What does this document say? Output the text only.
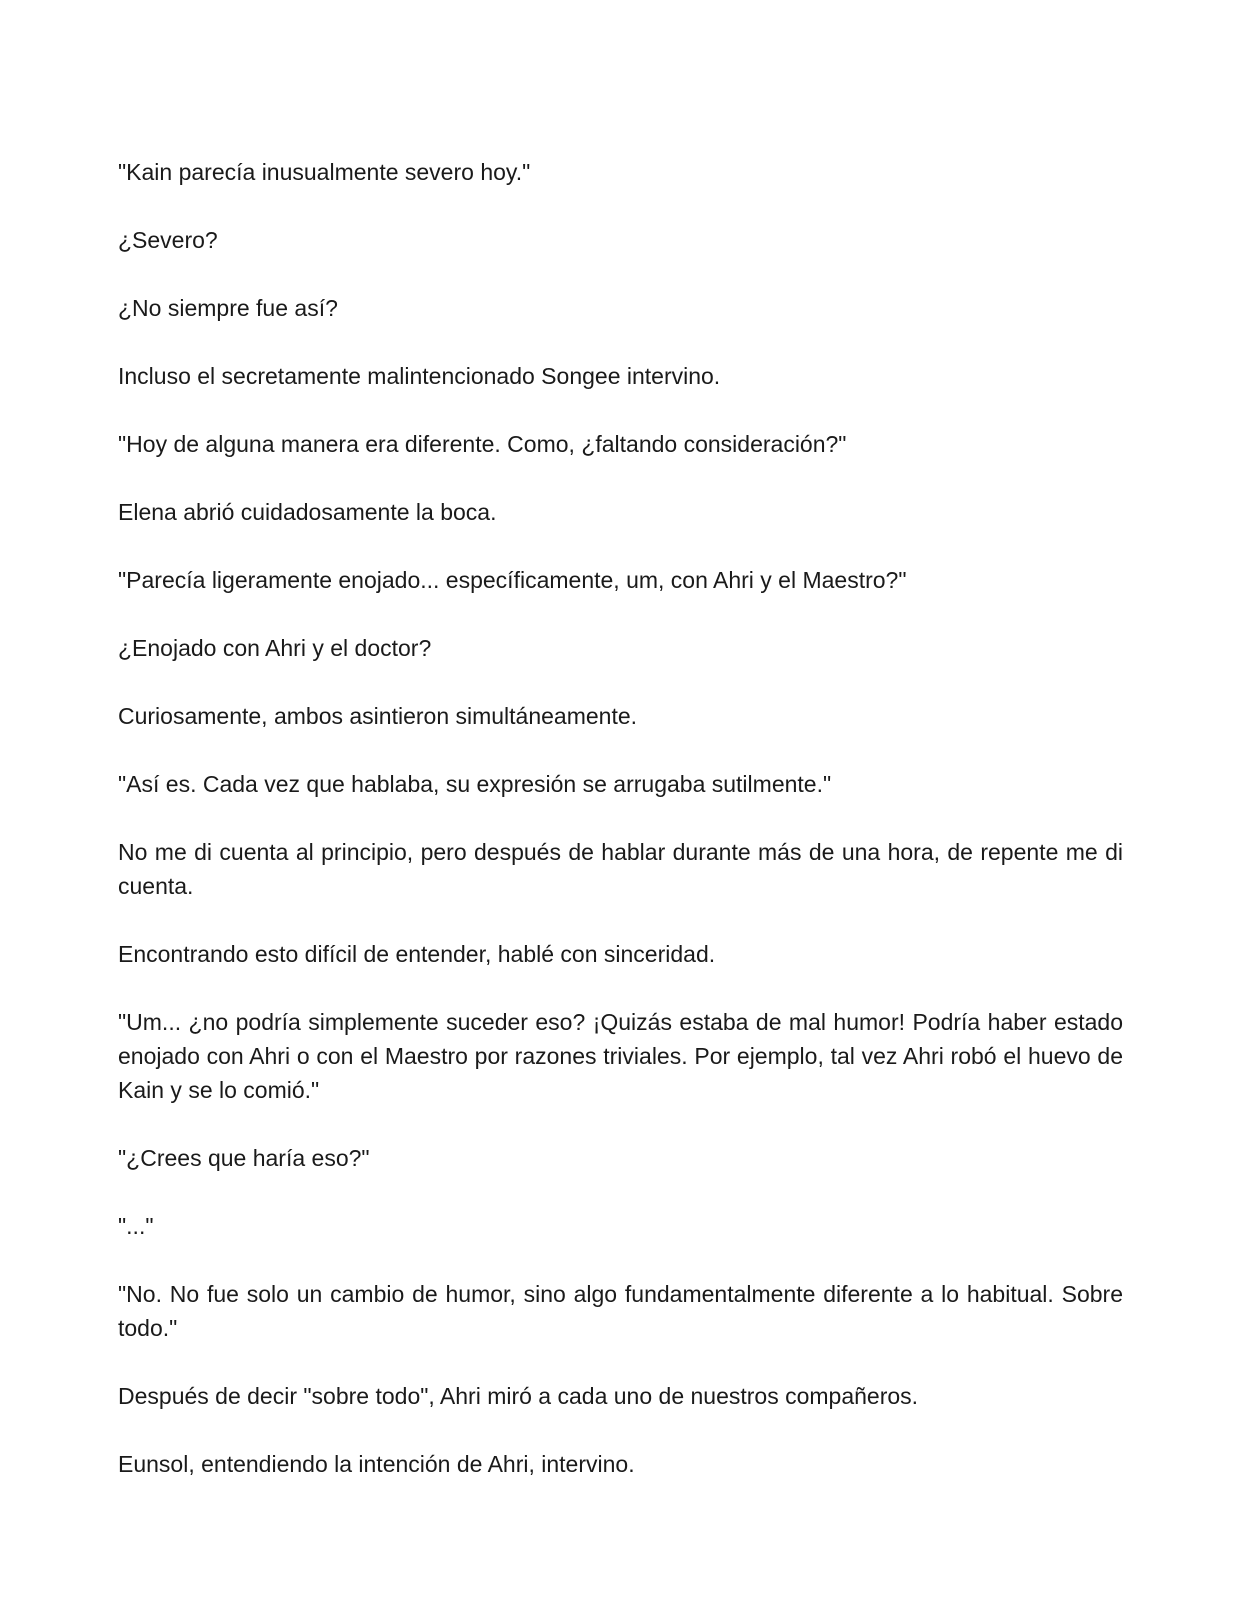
"Kain parecía inusualmente severo hoy."

¿Severo?

¿No siempre fue así?

Incluso el secretamente malintencionado Songee intervino.

"Hoy de alguna manera era diferente. Como, ¿faltando consideración?"

Elena abrió cuidadosamente la boca.

"Parecía ligeramente enojado... específicamente, um, con Ahri y el Maestro?"

¿Enojado con Ahri y el doctor?

Curiosamente, ambos asintieron simultáneamente.

"Así es. Cada vez que hablaba, su expresión se arrugaba sutilmente."

No me di cuenta al principio, pero después de hablar durante más de una hora, de repente me di cuenta.

Encontrando esto difícil de entender, hablé con sinceridad.

"Um... ¿no podría simplemente suceder eso? ¡Quizás estaba de mal humor! Podría haber estado enojado con Ahri o con el Maestro por razones triviales. Por ejemplo, tal vez Ahri robó el huevo de Kain y se lo comió."

"¿Crees que haría eso?"

"..."

"No. No fue solo un cambio de humor, sino algo fundamentalmente diferente a lo habitual. Sobre todo."

Después de decir "sobre todo", Ahri miró a cada uno de nuestros compañeros.

Eunsol, entendiendo la intención de Ahri, intervino.
